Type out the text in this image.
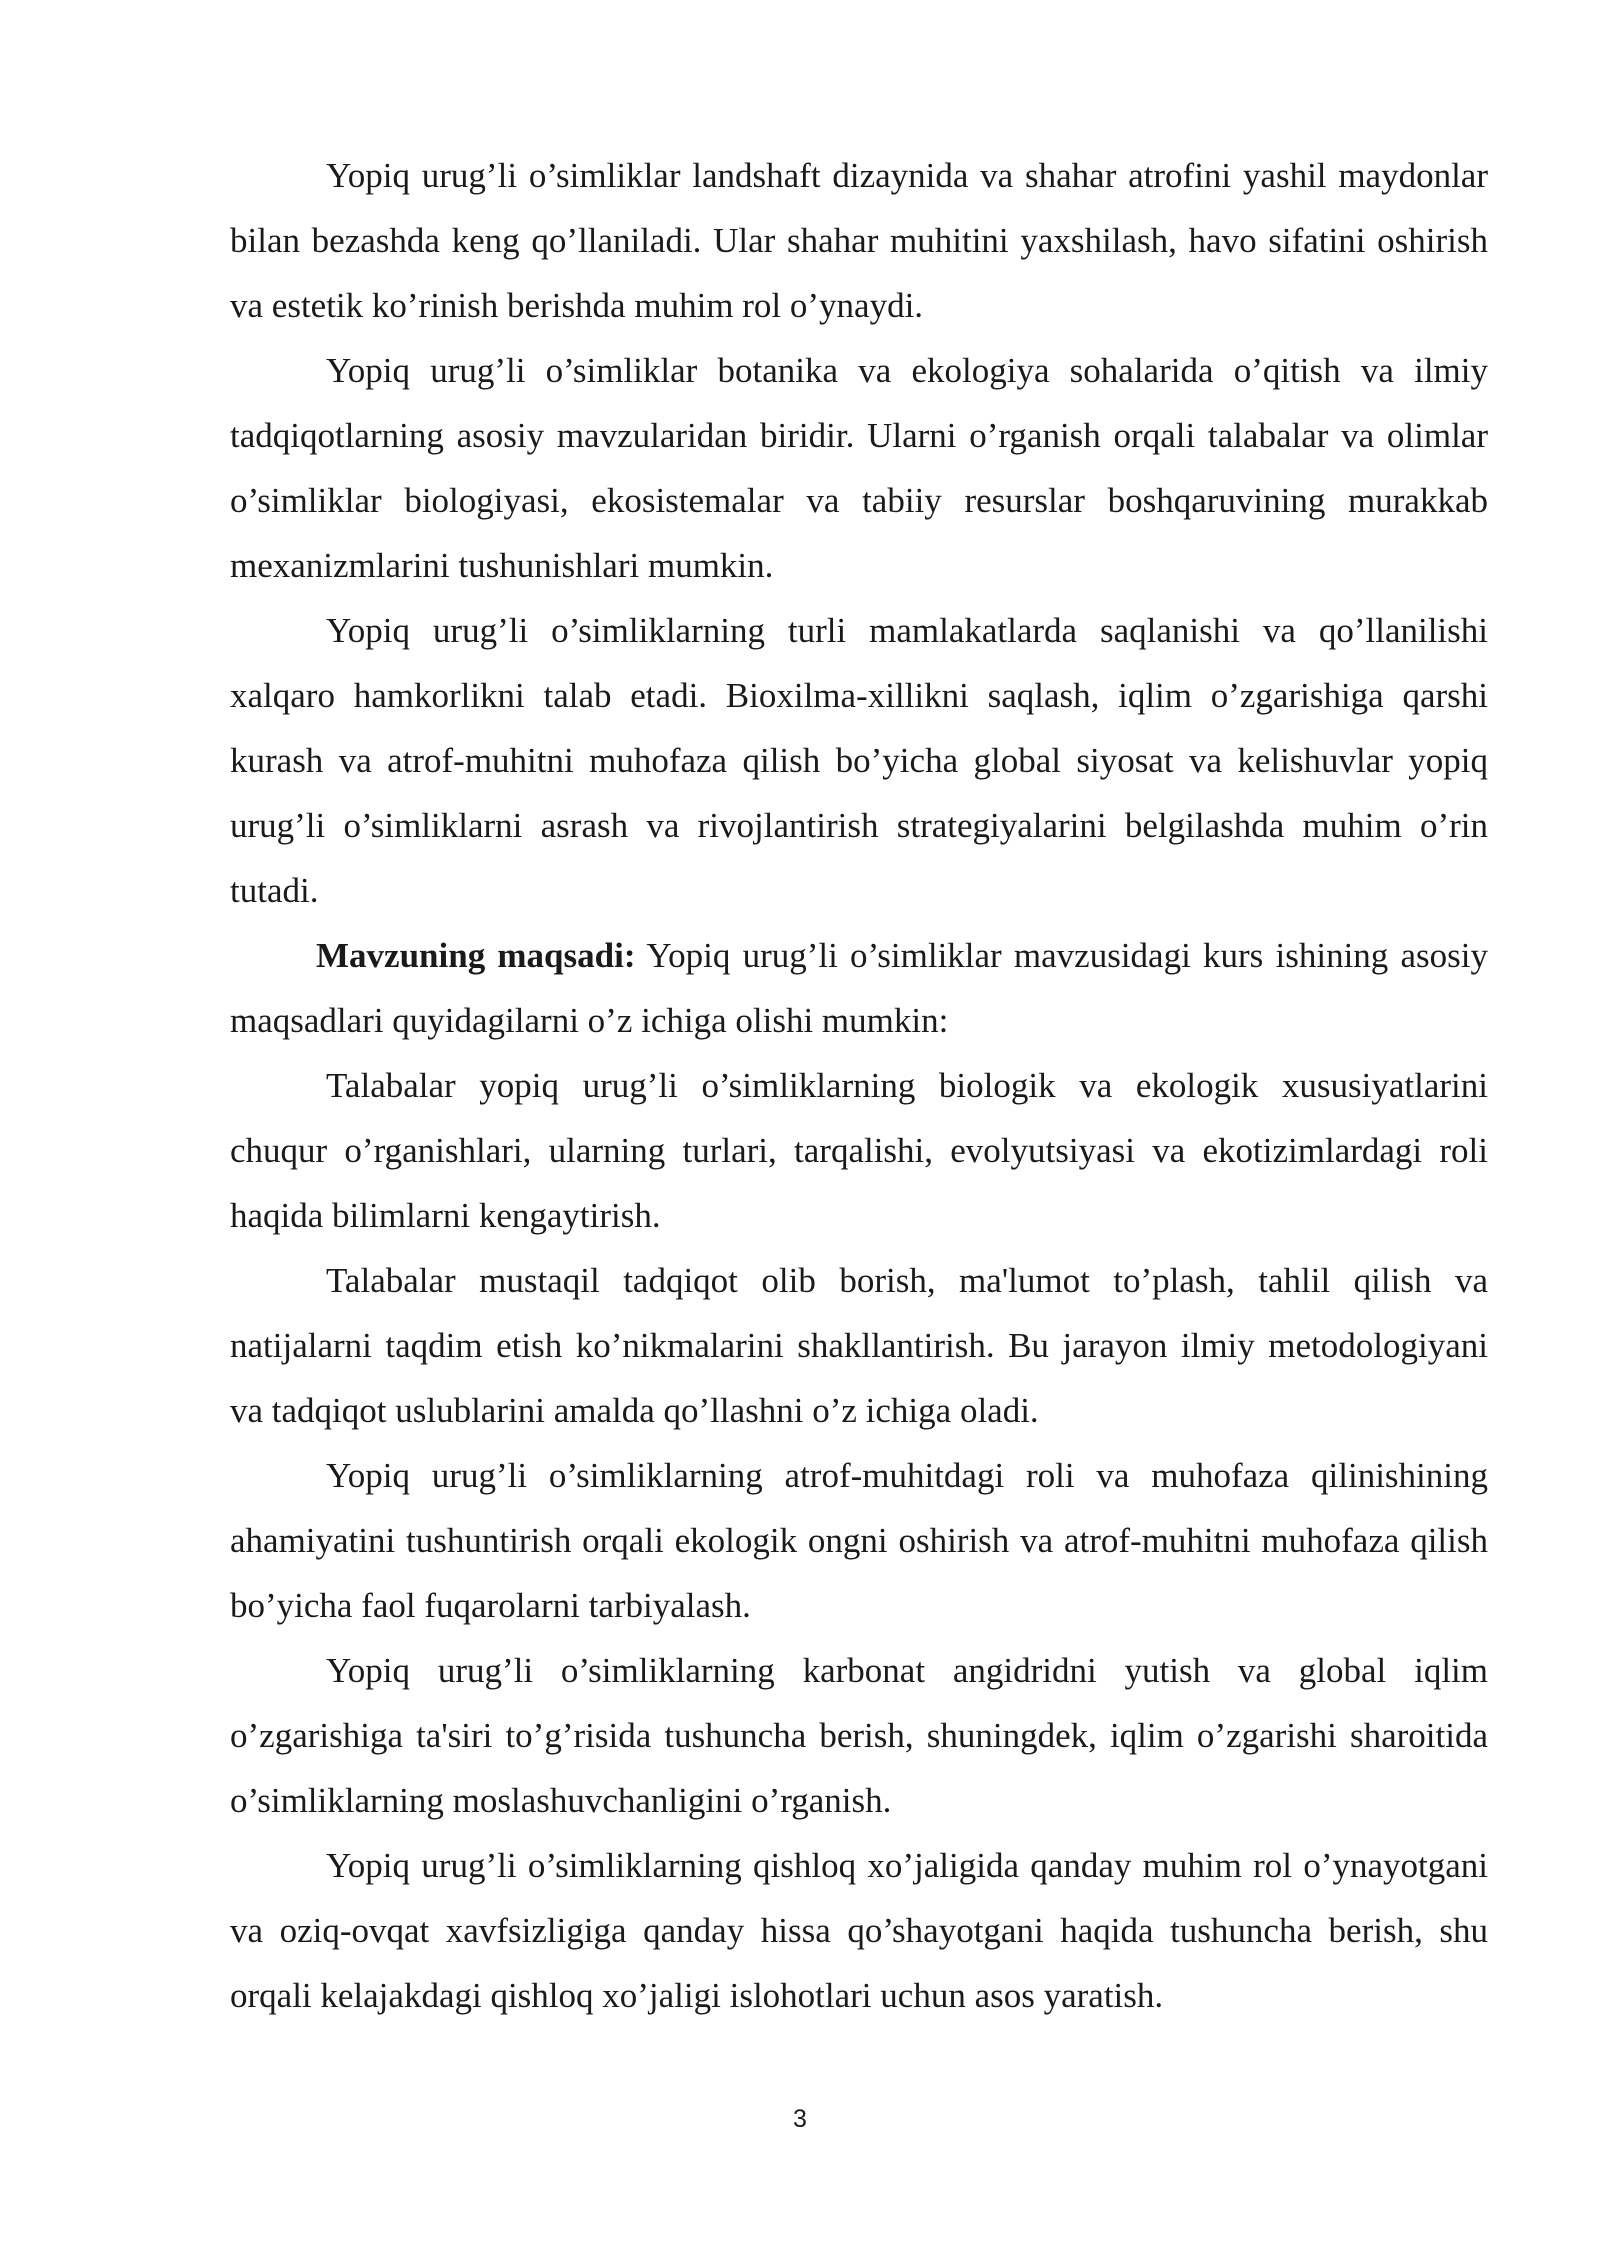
Yopiq urug’li o’simliklar landshaft dizaynida va shahar atrofini yashil maydonlar bilan bezashda keng qo’llaniladi. Ular shahar muhitini yaxshilash, havo sifatini oshirish va estetik ko’rinish berishda muhim rol o’ynaydi.

Yopiq urug’li o’simliklar botanika va ekologiya sohalarida o’qitish va ilmiy tadqiqotlarning asosiy mavzularidan biridir. Ularni o’rganish orqali talabalar va olimlar o’simliklar biologiyasi, ekosistemalar va tabiiy resurslar boshqaruvining murakkab mexanizmlarini tushunishlari mumkin.

Yopiq urug’li o’simliklarning turli mamlakatlarda saqlanishi va qo’llanilishi xalqaro hamkorlikni talab etadi. Bioxilma-xillikni saqlash, iqlim o’zgarishiga qarshi kurash va atrof-muhitni muhofaza qilish bo’yicha global siyosat va kelishuvlar yopiq urug’li o’simliklarni asrash va rivojlantirish strategiyalarini belgilashda muhim o’rin tutadi.

Mavzuning maqsadi: Yopiq urug’li o’simliklar mavzusidagi kurs ishining asosiy maqsadlari quyidagilarni o’z ichiga olishi mumkin:

Talabalar yopiq urug’li o’simliklarning biologik va ekologik xususiyatlarini chuqur o’rganishlari, ularning turlari, tarqalishi, evolyutsiyasi va ekotizimlardagi roli haqida bilimlarni kengaytirish.

Talabalar mustaqil tadqiqot olib borish, ma'lumot to’plash, tahlil qilish va natijalarni taqdim etish ko’nikmalarini shakllantirish. Bu jarayon ilmiy metodologiyani va tadqiqot uslublarini amalda qo’llashni o’z ichiga oladi.

Yopiq urug’li o’simliklarning atrof-muhitdagi roli va muhofaza qilinishining ahamiyatini tushuntirish orqali ekologik ongni oshirish va atrof-muhitni muhofaza qilish bo’yicha faol fuqarolarni tarbiyalash.

Yopiq urug’li o’simliklarning karbonat angidridni yutish va global iqlim o’zgarishiga ta'siri to’g’risida tushuncha berish, shuningdek, iqlim o’zgarishi sharoitida o’simliklarning moslashuvchanligini o’rganish.

Yopiq urug’li o’simliklarning qishloq xo’jaligida qanday muhim rol o’ynayotgani va oziq-ovqat xavfsizligiga qanday hissa qo’shayotgani haqida tushuncha berish, shu orqali kelajakdagi qishloq xo’jaligi islohotlari uchun asos yaratish.

3
